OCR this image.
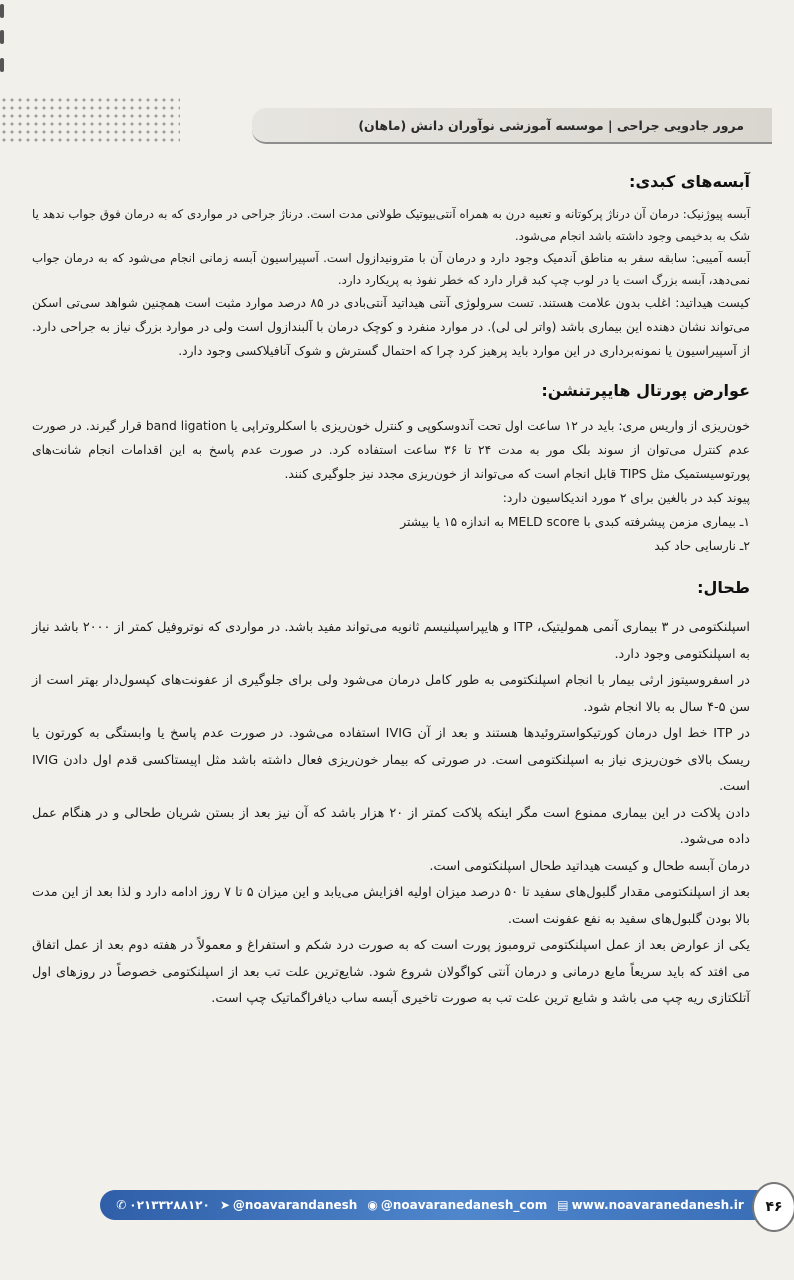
مرور جادویی جراحی | موسسه آموزشی نوآوران دانش (ماهان)
آبسه‌های کبدی:

آبسه پیوژنیک: درمان آن درناژ پرکوتانه و تعبیه درن به همراه آنتی‌بیوتیک طولانی مدت است. درناژ جراحی در مواردی که به درمان فوق جواب ندهد یا شک به بدخیمی وجود داشته باشد انجام می‌شود.

آبسه آمیبی: سابقه سفر به مناطق آندمیک وجود دارد و درمان آن با مترونیدازول است. آسپیراسیون آبسه زمانی انجام می‌شود که به درمان جواب نمی‌دهد، آبسه بزرگ است یا در لوب چپ کبد قرار دارد که خطر نفوذ به پریکارد دارد.

کیست هیداتید: اغلب بدون علامت هستند. تست سرولوژی آنتی هیداتید آنتی‌بادی در ۸۵ درصد موارد مثبت است همچنین شواهد سی‌تی اسکن می‌تواند نشان دهنده این بیماری باشد (واتر لی لی). در موارد منفرد و کوچک درمان با آلبندازول است ولی در موارد بزرگ نیاز به جراحی دارد. از آسپیراسیون یا نمونه‌برداری در این موارد باید پرهیز کرد چرا که احتمال گسترش و شوک آنافیلاکسی وجود دارد.

عوارض پورتال هایپرتنشن:

خون‌ریزی از واریس مری: باید در ۱۲ ساعت اول تحت آندوسکوپی و کنترل خون‌ریزی با اسکلروتراپی یا band ligation قرار گیرند. در صورت عدم کنترل می‌توان از سوند بلک مور به مدت ۲۴ تا ۳۶ ساعت استفاده کرد. در صورت عدم پاسخ به این اقدامات انجام شانت‌های پورتوسیستمیک مثل TIPS قابل انجام است که می‌تواند از خون‌ریزی مجدد نیز جلوگیری کنند.

پیوند کبد در بالغین برای ۲ مورد اندیکاسیون دارد:

۱ـ بیماری مزمن پیشرفته کبدی با MELD score به اندازه ۱۵ یا بیشتر

۲ـ نارسایی حاد کبد

طحال:

اسپلنکتومی در ۳ بیماری آنمی همولیتیک، ITP و هایپراسپلنیسم ثانویه می‌تواند مفید باشد. در مواردی که نوتروفیل کمتر از ۲۰۰۰ باشد نیاز به اسپلنکتومی وجود دارد.

در اسفروسیتوز ارثی بیمار با انجام اسپلنکتومی به طور کامل درمان می‌شود ولی برای جلوگیری از عفونت‌های کپسول‌دار بهتر است از سن ۵-۴ سال به بالا انجام شود.

در ITP خط اول درمان کورتیکواستروئیدها هستند و بعد از آن IVIG استفاده می‌شود. در صورت عدم پاسخ یا وابستگی به کورتون یا ریسک بالای خون‌ریزی نیاز به اسپلنکتومی است. در صورتی که بیمار خون‌ریزی فعال داشته باشد مثل اپیستاکسی قدم اول دادن IVIG است.

دادن پلاکت در این بیماری ممنوع است مگر اینکه پلاکت کمتر از ۲۰ هزار باشد که آن نیز بعد از بستن شریان طحالی و در هنگام عمل داده می‌شود.

درمان آبسه طحال و کیست هیداتید طحال اسپلنکتومی است.

بعد از اسپلنکتومی مقدار گلبول‌های سفید تا ۵۰ درصد میزان اولیه افزایش می‌یابد و این میزان ۵ تا ۷ روز ادامه دارد و لذا بعد از این مدت بالا بودن گلبول‌های سفید به نفع عفونت است.

یکی از عوارض بعد از عمل اسپلنکتومی ترومبوز پورت است که به صورت درد شکم و استفراغ و معمولاً در هفته دوم بعد از عمل اتفاق می افتد که باید سریعاً مایع درمانی و درمان آنتی کواگولان شروع شود. شایع‌ترین علت تب بعد از اسپلنکتومی خصوصاً در روزهای اول آتلکتازی ریه چپ می باشد و شایع ترین علت تب به صورت تاخیری آبسه ساب دیافراگماتیک چپ است.

✆ ۰۲۱۳۳۲۸۸۱۲۰ ➤ @noavarandanesh ◉ @noavaranedanesh_com ▤ www.noavaranedanesh.ir	۴۶
